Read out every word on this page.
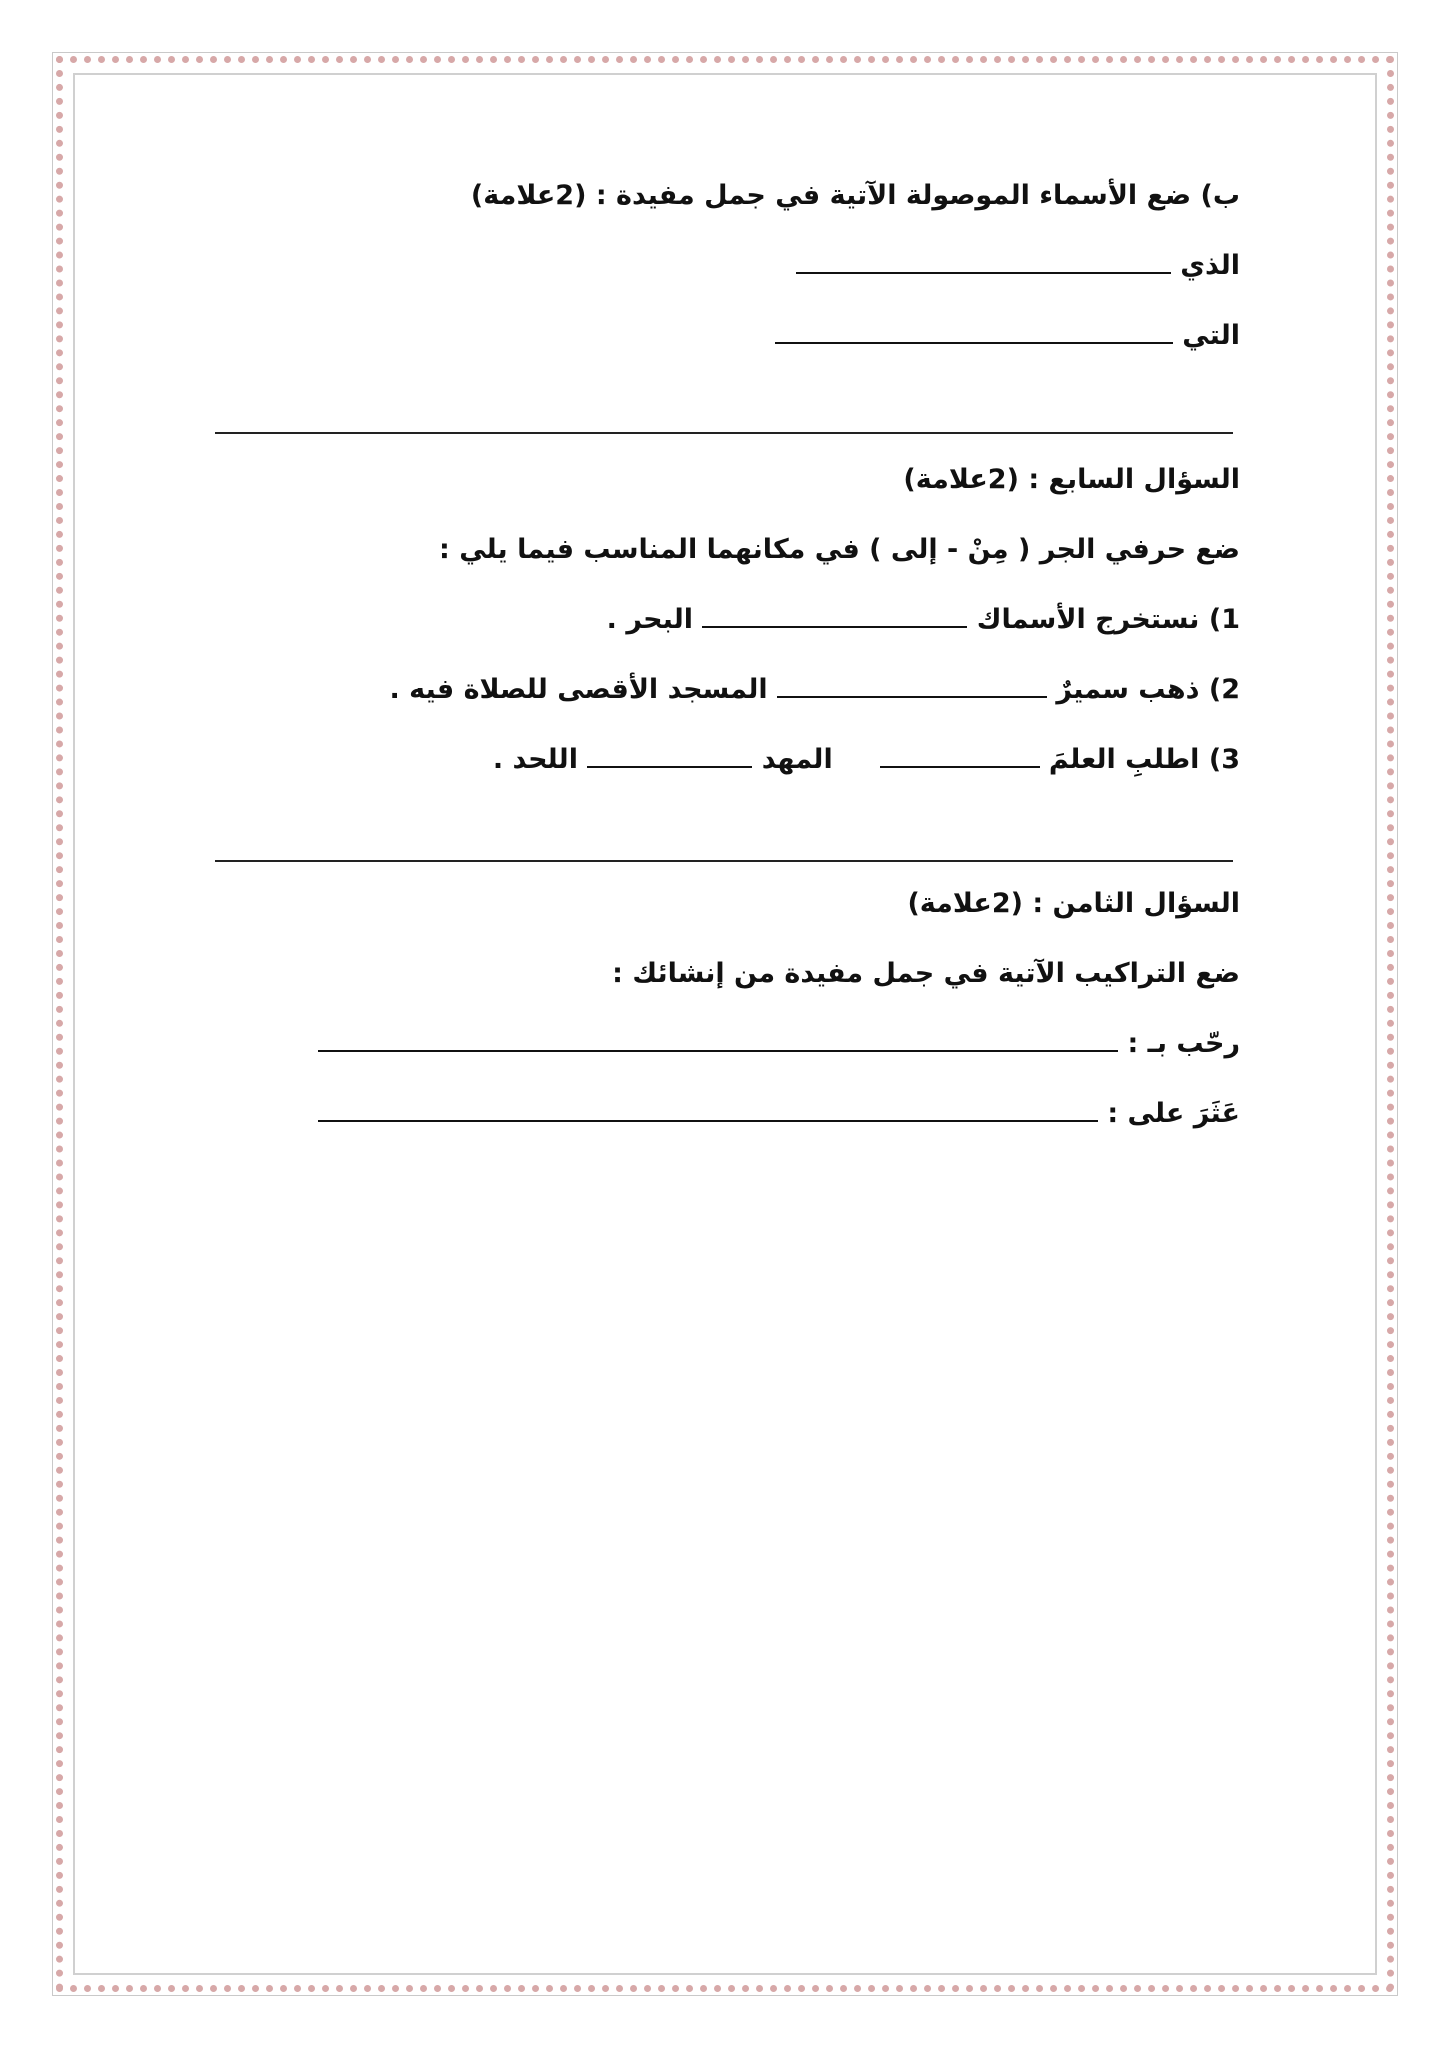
ب) ضع الأسماء الموصولة الآتية في جمل مفيدة : (2علامة)
الذي
التي
السؤال السابع : (2علامة)
ضع حرفي الجر ( مِنْ - إلى ) في مكانهما المناسب فيما يلي :
1) نستخرج الأسماك  البحر .
2) ذهب سميرٌ  المسجد الأقصى للصلاة فيه .
3) اطلبِ العلمَ   المهد  اللحد .
السؤال الثامن : (2علامة)
ضع التراكيب الآتية في جمل مفيدة من إنشائك :
رحّب بـ :
عَثَرَ على :
